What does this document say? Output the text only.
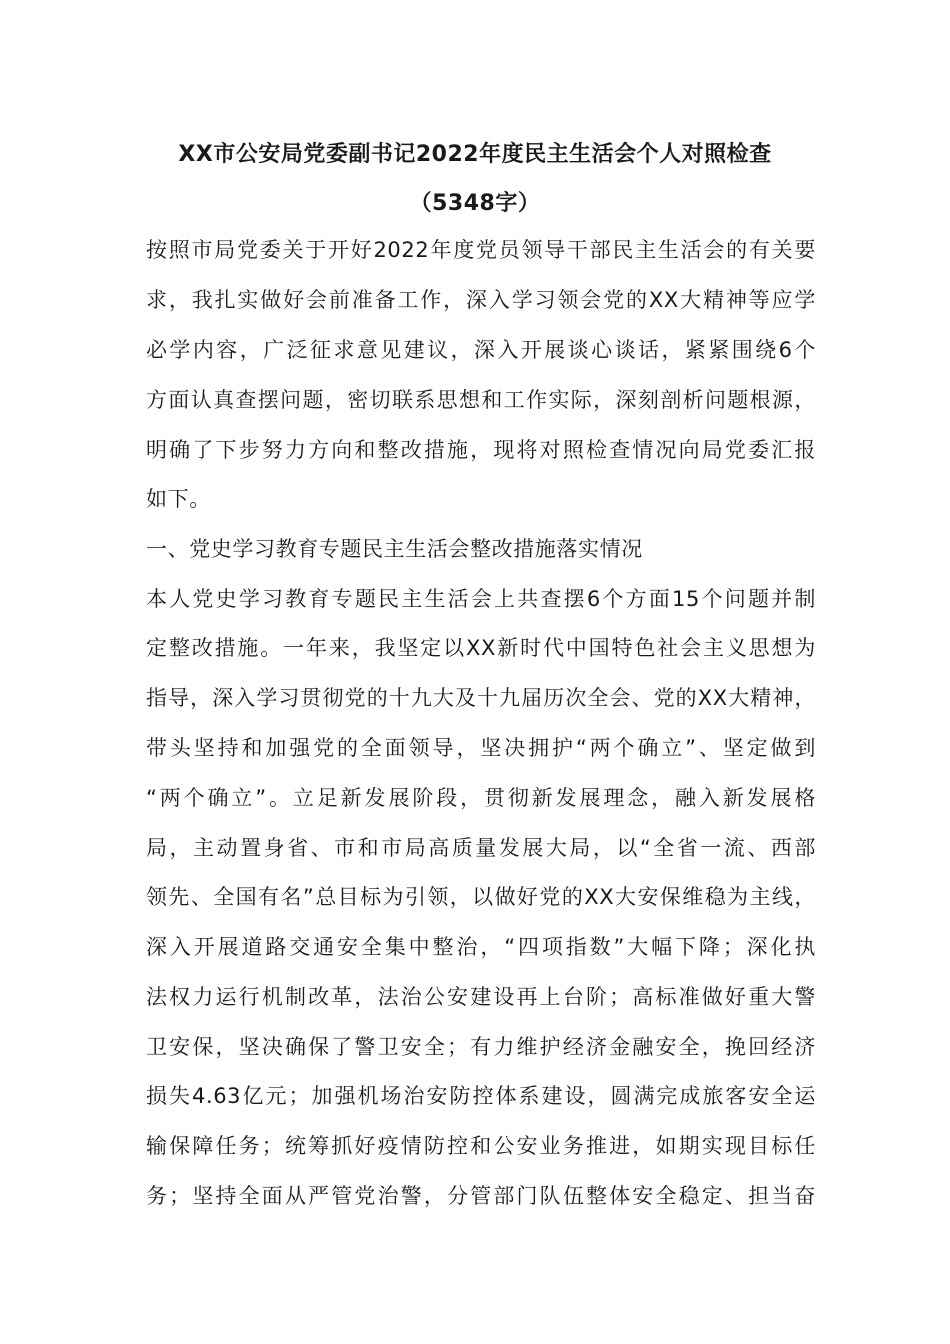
XX市公安局党委副书记2022年度民主生活会个人对照检查
（5348字）
按照市局党委关于开好2022年度党员领导干部民主生活会的有关要
求，我扎实做好会前准备工作，深入学习领会党的XX大精神等应学
必学内容，广泛征求意见建议，深入开展谈心谈话，紧紧围绕6个
方面认真查摆问题，密切联系思想和工作实际，深刻剖析问题根源，
明确了下步努力方向和整改措施，现将对照检查情况向局党委汇报
如下。
一、党史学习教育专题民主生活会整改措施落实情况
本人党史学习教育专题民主生活会上共查摆6个方面15个问题并制
定整改措施。一年来，我坚定以XX新时代中国特色社会主义思想为
指导，深入学习贯彻党的十九大及十九届历次全会、党的XX大精神，
带头坚持和加强党的全面领导，坚决拥护“两个确立”、坚定做到
“两个确立”。立足新发展阶段，贯彻新发展理念，融入新发展格
局，主动置身省、市和市局高质量发展大局，以“全省一流、西部
领先、全国有名”总目标为引领，以做好党的XX大安保维稳为主线，
深入开展道路交通安全集中整治，“四项指数”大幅下降；深化执
法权力运行机制改革，法治公安建设再上台阶；高标准做好重大警
卫安保，坚决确保了警卫安全；有力维护经济金融安全，挽回经济
损失4.63亿元；加强机场治安防控体系建设，圆满完成旅客安全运
输保障任务；统筹抓好疫情防控和公安业务推进，如期实现目标任
务；坚持全面从严管党治警，分管部门队伍整体安全稳定、担当奋
